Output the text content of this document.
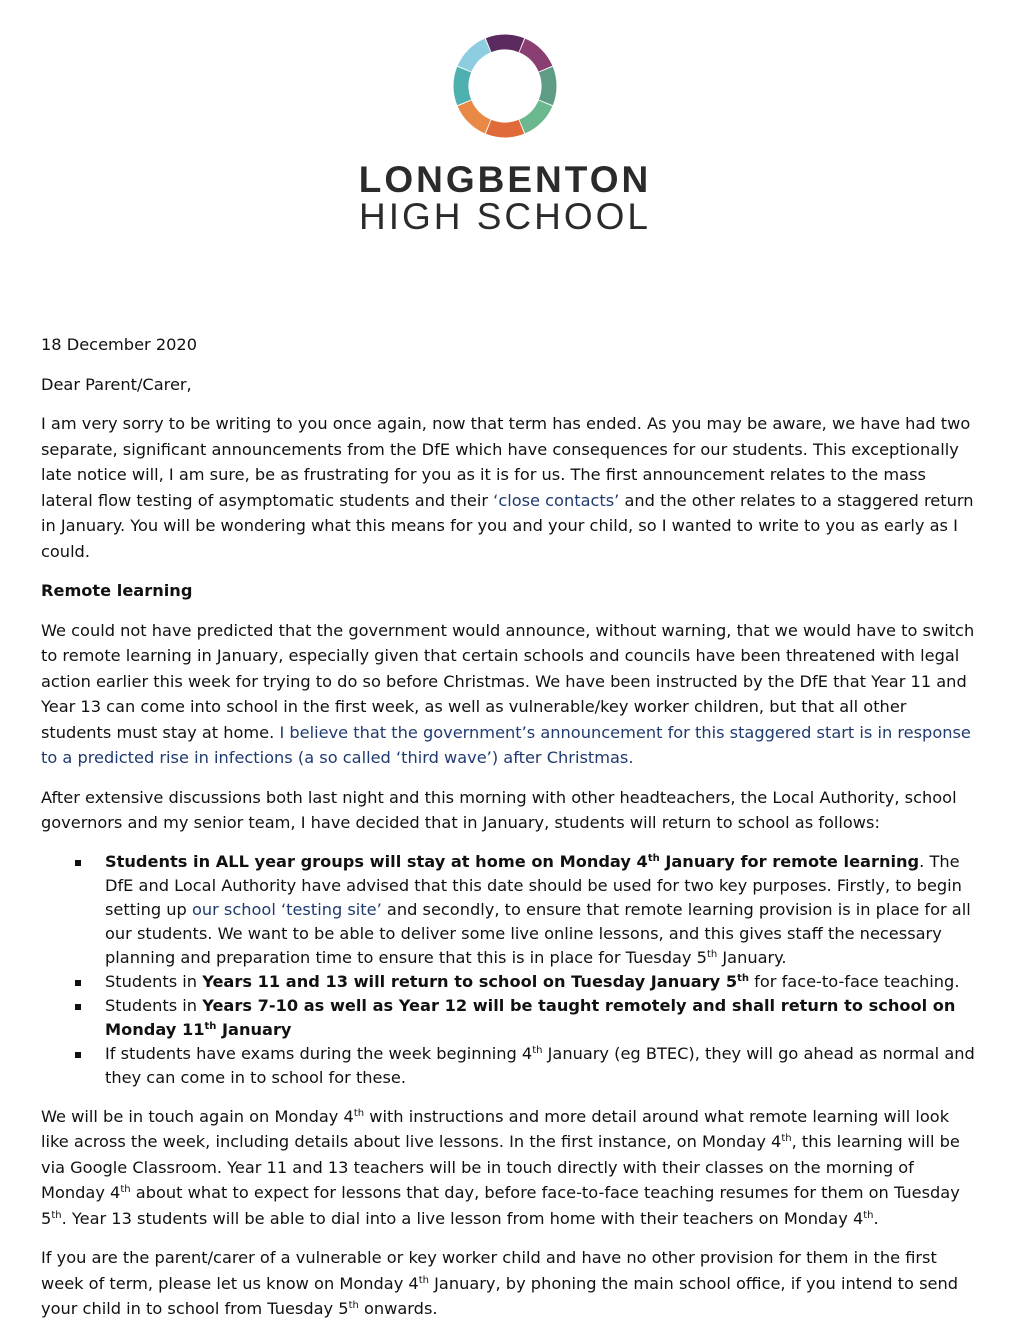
LONGBENTON
HIGH SCHOOL

18 December 2020

Dear Parent/Carer,

I am very sorry to be writing to you once again, now that term has ended. As you may be aware, we have had two separate, significant announcements from the DfE which have consequences for our students. This exceptionally late notice will, I am sure, be as frustrating for you as it is for us. The first announcement relates to the mass lateral flow testing of asymptomatic students and their ‘close contacts’ and the other relates to a staggered return in January. You will be wondering what this means for you and your child, so I wanted to write to you as early as I could.

Remote learning

We could not have predicted that the government would announce, without warning, that we would have to switch to remote learning in January, especially given that certain schools and councils have been threatened with legal action earlier this week for trying to do so before Christmas. We have been instructed by the DfE that Year 11 and Year 13 can come into school in the first week, as well as vulnerable/key worker children, but that all other students must stay at home. I believe that the government’s announcement for this staggered start is in response to a predicted rise in infections (a so called ‘third wave’) after Christmas.

After extensive discussions both last night and this morning with other headteachers, the Local Authority, school governors and my senior team, I have decided that in January, students will return to school as follows:

Students in ALL year groups will stay at home on Monday 4th January for remote learning. The DfE and Local Authority have advised that this date should be used for two key purposes. Firstly, to begin setting up our school ‘testing site’ and secondly, to ensure that remote learning provision is in place for all our students. We want to be able to deliver some live online lessons, and this gives staff the necessary planning and preparation time to ensure that this is in place for Tuesday 5th January.
Students in Years 11 and 13 will return to school on Tuesday January 5th for face-to-face teaching.
Students in Years 7-10 as well as Year 12 will be taught remotely and shall return to school on Monday 11th January
If students have exams during the week beginning 4th January (eg BTEC), they will go ahead as normal and they can come in to school for these.

We will be in touch again on Monday 4th with instructions and more detail around what remote learning will look like across the week, including details about live lessons. In the first instance, on Monday 4th, this learning will be via Google Classroom. Year 11 and 13 teachers will be in touch directly with their classes on the morning of Monday 4th about what to expect for lessons that day, before face-to-face teaching resumes for them on Tuesday 5th. Year 13 students will be able to dial into a live lesson from home with their teachers on Monday 4th.

If you are the parent/carer of a vulnerable or key worker child and have no other provision for them in the first week of term, please let us know on Monday 4th January, by phoning the main school office, if you intend to send your child in to school from Tuesday 5th onwards.
